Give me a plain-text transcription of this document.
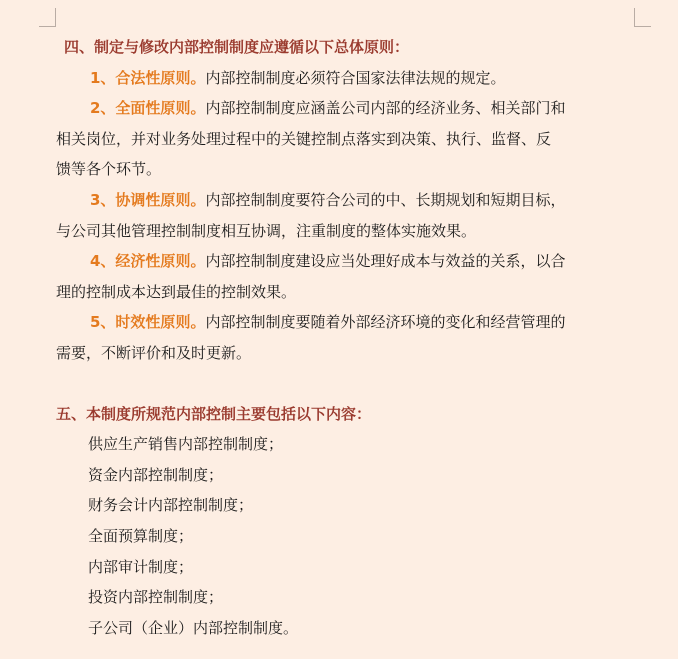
四、制定与修改内部控制制度应遵循以下总体原则：
1、合法性原则。内部控制制度必须符合国家法律法规的规定。
2、全面性原则。内部控制制度应涵盖公司内部的经济业务、相关部门和
相关岗位，并对业务处理过程中的关键控制点落实到决策、执行、监督、反
馈等各个环节。
3、协调性原则。内部控制制度要符合公司的中、长期规划和短期目标，
与公司其他管理控制制度相互协调，注重制度的整体实施效果。
4、经济性原则。内部控制制度建设应当处理好成本与效益的关系，以合
理的控制成本达到最佳的控制效果。
5、时效性原则。内部控制制度要随着外部经济环境的变化和经营管理的
需要，不断评价和及时更新。
五、本制度所规范内部控制主要包括以下内容：
供应生产销售内部控制制度；
资金内部控制制度；
财务会计内部控制制度；
全面预算制度；
内部审计制度；
投资内部控制制度；
子公司（企业）内部控制制度。
